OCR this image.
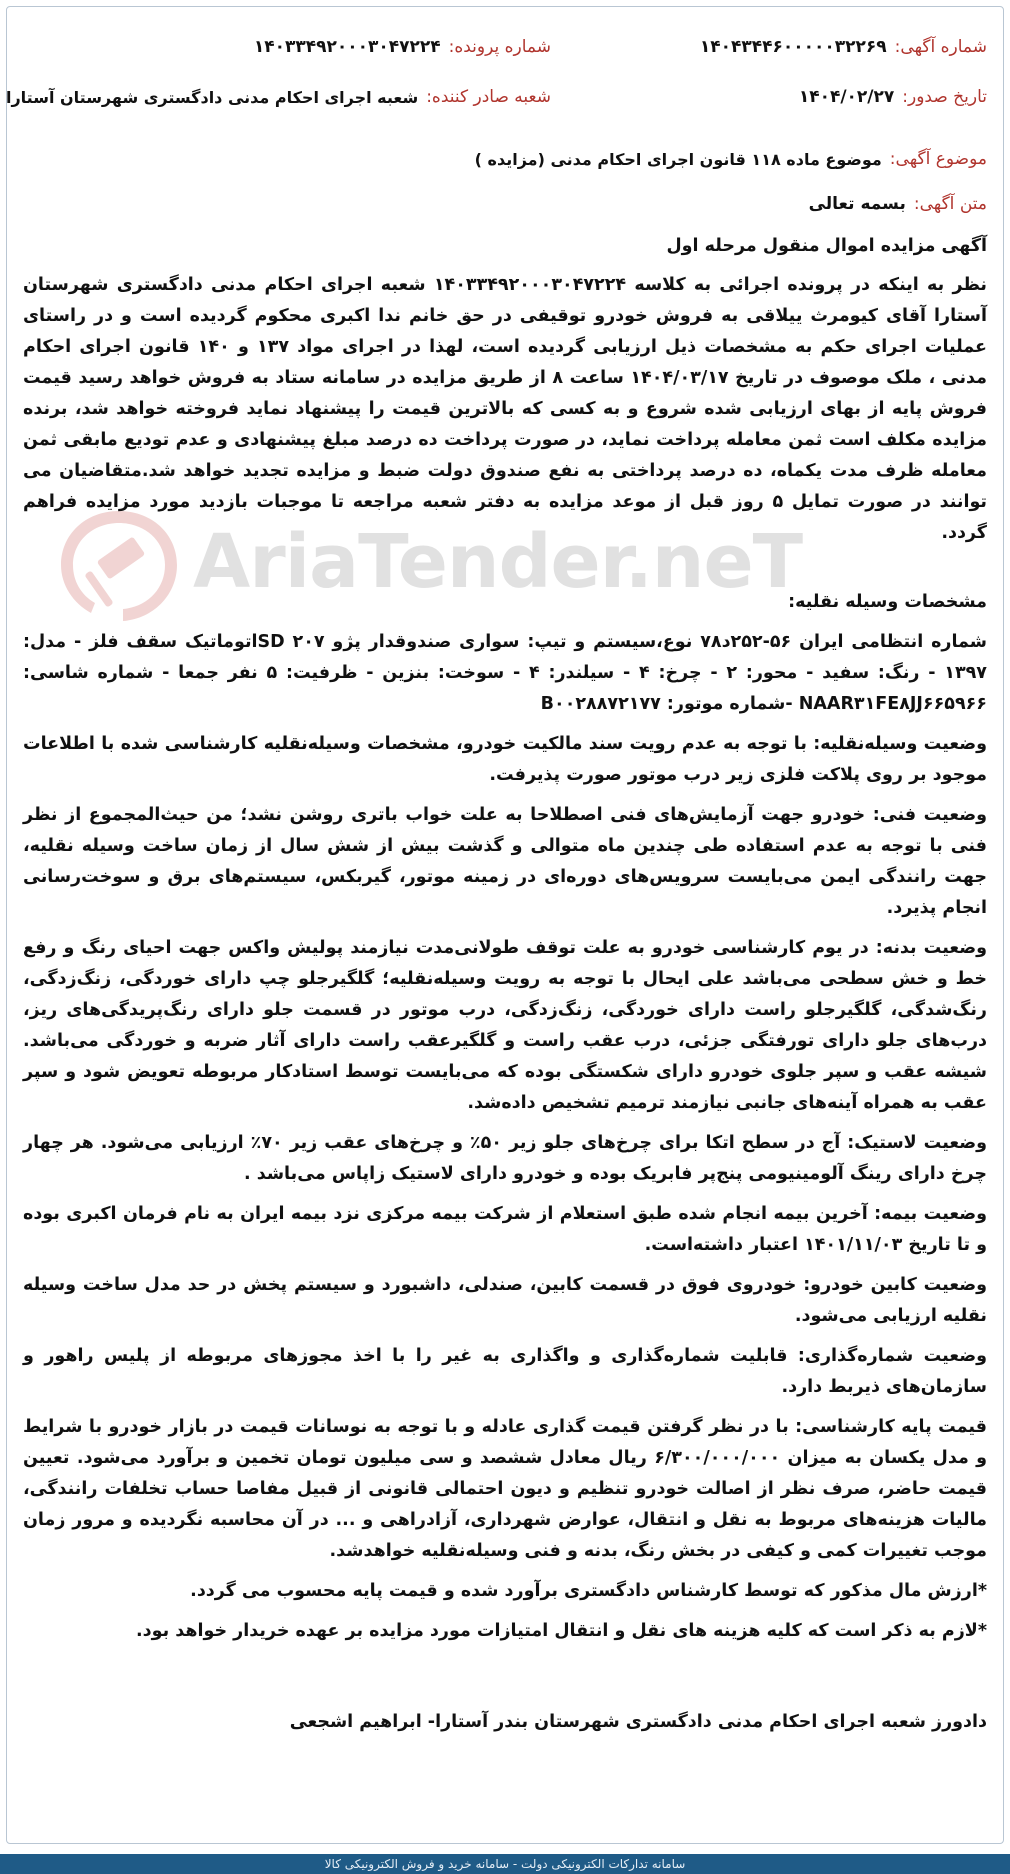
شماره آگهی:
۱۴۰۴۳۴۴۶۰۰۰۰۰۳۲۲۶۹
شماره پرونده:
۱۴۰۳۳۴۹۲۰۰۰۳۰۴۷۲۲۴
تاریخ صدور:
۱۴۰۴/۰۲/۲۷
شعبه صادر کننده:
شعبه اجرای احکام مدنی دادگستری شهرستان آستارا
موضوع آگهی:
موضوع ماده ۱۱۸ قانون اجرای احکام مدنی (مزایده )
متن آگهی:
بسمه تعالی
AriaTender.neT

آگهی مزایده اموال منقول مرحله اول

نظر به اینکه در پرونده اجرائی به کلاسه ۱۴۰۳۳۴۹۲۰۰۰۳۰۴۷۲۲۴ شعبه اجرای احکام مدنی دادگستری شهرستان آستارا آقای کیومرث ییلاقی به فروش خودرو توقیفی در حق خانم ندا اکبری محکوم گردیده است و در راستای عملیات اجرای حکم به مشخصات ذیل ارزیابی گردیده است، لهذا در اجرای مواد ۱۳۷ و ۱۴۰ قانون اجرای احکام مدنی ، ملک موصوف در تاریخ ۱۴۰۴/۰۳/۱۷ ساعت ۸ از طریق مزایده در سامانه ستاد به فروش خواهد رسید قیمت فروش پایه از بهای ارزیابی شده شروع و به کسی که بالاترین قیمت را پیشنهاد نماید فروخته خواهد شد، برنده مزایده مکلف است ثمن معامله پرداخت نماید، در صورت پرداخت ده درصد مبلغ پیشنهادی و عدم تودیع مابقی ثمن معامله ظرف مدت یکماه، ده درصد پرداختی به نفع صندوق دولت ضبط و مزایده تجدید خواهد شد.متقاضیان می توانند در صورت تمایل ۵ روز قبل از موعد مزایده به دفتر شعبه مراجعه تا موجبات بازدید مورد مزایده فراهم گردد.

مشخصات وسیله نقلیه:

شماره انتظامی ایران ۵۶-۲۵۲د۷۸ نوع،سیستم و تیپ: سواری صندوقدار پژو SD ۲۰۷اتوماتیک سقف فلز - مدل: ۱۳۹۷ - رنگ: سفید - محور: ۲ - چرخ: ۴ - سیلندر: ۴ - سوخت: بنزین - ظرفیت: ۵ نفر جمعا - شماره شاسی: NAAR۳۱FE۸JJ۶۶۵۹۶۶ -شماره موتور: B۰۰۲۸۸۷۲۱۷۷

وضعیت وسیله‌نقلیه: با توجه به عدم رویت سند مالکیت خودرو، مشخصات وسیله‌نقلیه کارشناسی شده با اطلاعات موجود بر روی پلاکت فلزی زیر درب موتور صورت پذیرفت.

وضعیت فنی: خودرو جهت آزمایش‌های فنی اصطلاحا به علت خواب باتری روشن نشد؛ من حیث‌المجموع از نظر فنی با توجه به عدم استفاده طی چندین ماه متوالی و گذشت بیش از شش سال از زمان ساخت وسیله نقلیه، جهت رانندگی ایمن می‌بایست سرویس‌های دوره‌ای در زمینه موتور، گیربکس، سیستم‌های برق و سوخت‌رسانی انجام پذیرد.

وضعیت بدنه: در یوم کارشناسی خودرو به علت توقف طولانی‌مدت نیازمند پولیش واکس جهت احیای رنگ و رفع خط و خش سطحی می‌باشد علی ایحال با توجه به رویت وسیله‌نقلیه؛ گلگیرجلو چپ دارای خوردگی، زنگ‌زدگی، رنگ‌شدگی، گلگیرجلو راست دارای خوردگی، زنگ‌زدگی، درب موتور در قسمت جلو دارای رنگ‌پریدگی‌های ریز، درب‌های جلو دارای تورفتگی جزئی، درب عقب راست و گلگیرعقب راست دارای آثار ضربه و خوردگی می‌باشد. شیشه عقب و سپر جلوی خودرو دارای شکستگی بوده که می‌بایست توسط استادکار مربوطه تعویض شود و سپر عقب به همراه آینه‌های جانبی نیازمند ترمیم تشخیص داده‌شد.

وضعیت لاستیک: آج در سطح اتکا برای چرخ‌های جلو زیر ۵۰٪ و چرخ‌های عقب زیر ۷۰٪ ارزیابی می‌شود. هر چهار چرخ دارای رینگ آلومینیومی پنج‌پر فابریک بوده و خودرو دارای لاستیک زاپاس می‌باشد .

وضعیت بیمه: آخرین بیمه انجام شده طبق استعلام از شرکت بیمه مرکزی نزد بیمه ایران به نام فرمان اکبری بوده و تا تاریخ ۱۴۰۱/۱۱/۰۳ اعتبار داشته‌است.

وضعیت کابین خودرو: خودروی فوق در قسمت کابین، صندلی، داشبورد و سیستم پخش در حد مدل ساخت وسیله نقلیه ارزیابی می‌شود.

وضعیت شماره‌گذاری: قابلیت شماره‌گذاری و واگذاری به غیر را با اخذ مجوزهای مربوطه از پلیس راهور و سازمان‌های ذیربط دارد.

قیمت پایه کارشناسی: با در نظر گرفتن قیمت گذاری عادله و با توجه به نوسانات قیمت در بازار خودرو با شرایط و مدل یکسان به میزان ۶/۳۰۰/۰۰۰/۰۰۰ ریال معادل ششصد و سی میلیون تومان تخمین و برآورد می‌شود. تعیین قیمت حاضر، صرف نظر از اصالت خودرو تنظیم و دیون احتمالی قانونی از قبیل مفاصا حساب تخلفات رانندگی، مالیات هزینه‌های مربوط به نقل و انتقال، عوارض شهرداری، آزادراهی و ... در آن محاسبه نگردیده و مرور زمان موجب تغییرات کمی و کیفی در بخش رنگ، بدنه و فنی وسیله‌نقلیه خواهدشد.

*ارزش مال مذکور که توسط کارشناس دادگستری برآورد شده و قیمت پایه محسوب می گردد.

*لازم به ذکر است که کلیه هزینه های نقل و انتقال امتیازات مورد مزایده بر عهده خریدار خواهد بود.

دادورز شعبه اجرای احکام مدنی دادگستری شهرستان بندر آستارا- ابراهیم اشجعی

سامانه تدارکات الکترونیکی دولت - سامانه خرید و فروش الکترونیکی کالا
